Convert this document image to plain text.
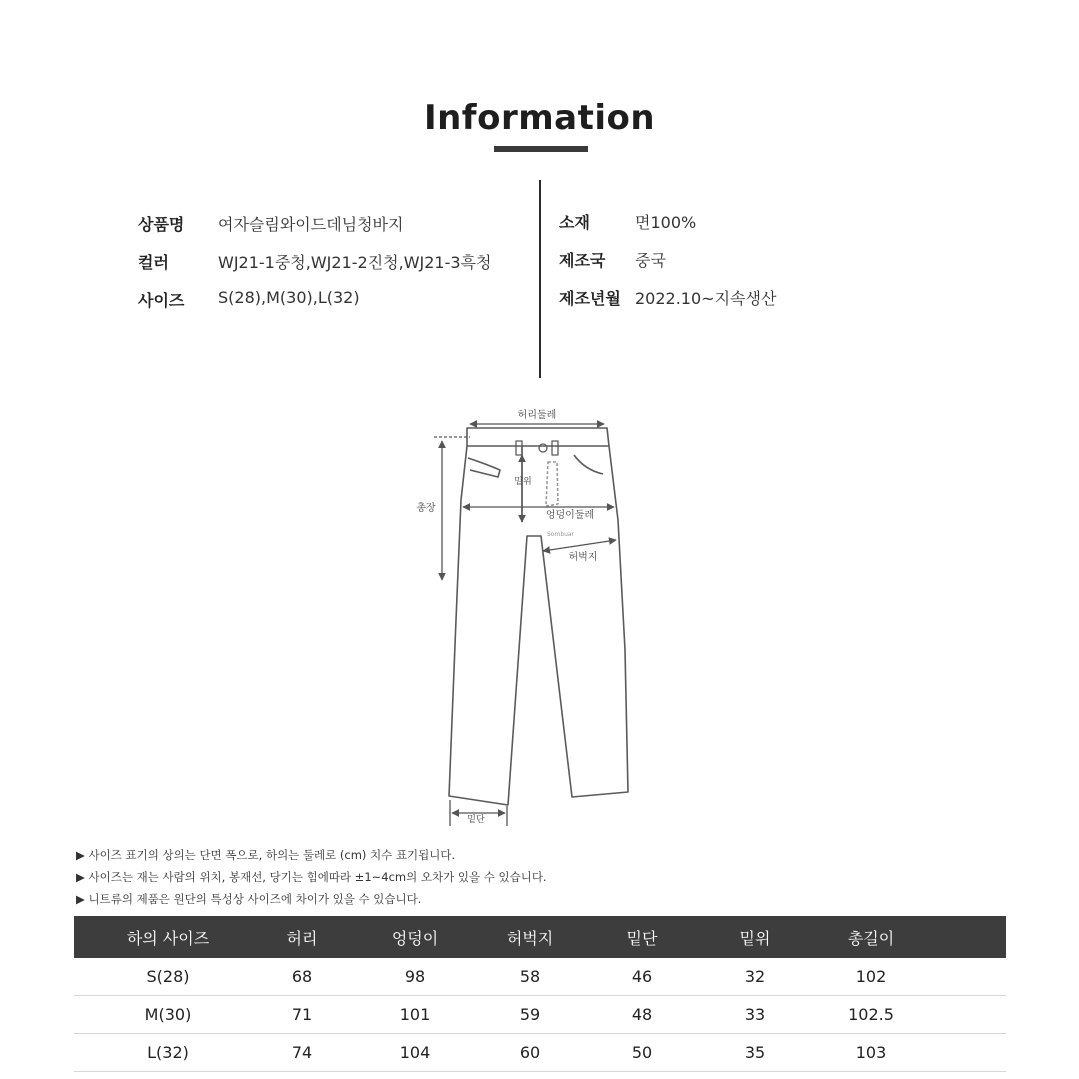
Information
상품명 여자슬림와이드데님청바지
컬러	WJ21-1중청,WJ21-2진청,WJ21-3흑청
사이즈 S(28),M(30),L(32)
소재	면100%
제조국 중국
제조년월 2022.10~지속생산
허리둘레
총장
밑위
엉덩이둘레
Sombuar
허벅지
밑단
▶ 사이즈 표기의 상의는 단면 폭으로, 하의는 둘레로 (cm) 치수 표기됩니다.
▶ 사이즈는 재는 사람의 위치, 봉재선, 당기는 힘에따라 ±1~4cm의 오차가 있을 수 있습니다.
▶ 니트류의 제품은 원단의 특성상 사이즈에 차이가 있을 수 있습니다.
하의 사이즈	허리	엉덩이	허벅지	밑단	밑위	총길이
S(28)	68	98	58	46	32	102
M(30)	71	101	59	48	33	102.5
L(32)	74	104	60	50	35	103
